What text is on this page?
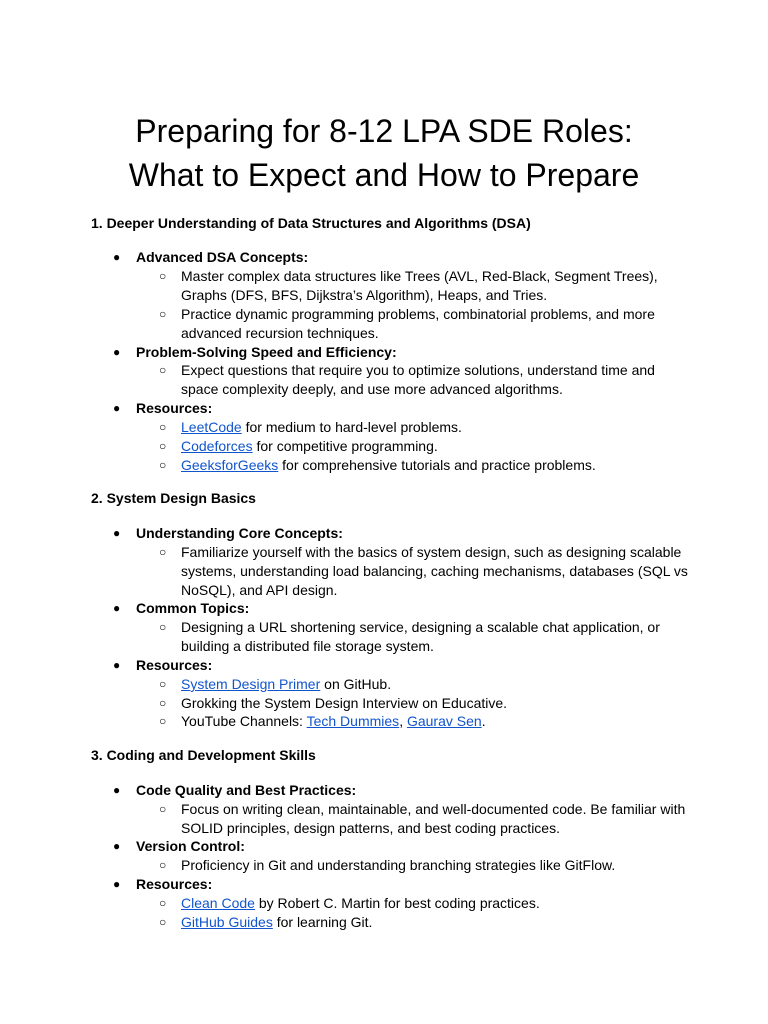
Preparing for 8-12 LPA SDE Roles:
What to Expect and How to Prepare
1. Deeper Understanding of Data Structures and Algorithms (DSA)
● Advanced DSA Concepts:
○ Master complex data structures like Trees (AVL, Red-Black, Segment Trees), Graphs (DFS, BFS, Dijkstra’s Algorithm), Heaps, and Tries.
○ Practice dynamic programming problems, combinatorial problems, and more advanced recursion techniques.
● Problem-Solving Speed and Efficiency:
○ Expect questions that require you to optimize solutions, understand time and space complexity deeply, and use more advanced algorithms.
● Resources:
○ LeetCode for medium to hard-level problems.
○ Codeforces for competitive programming.
○ GeeksforGeeks for comprehensive tutorials and practice problems.
2. System Design Basics
● Understanding Core Concepts:
○ Familiarize yourself with the basics of system design, such as designing scalable systems, understanding load balancing, caching mechanisms, databases (SQL vs NoSQL), and API design.
● Common Topics:
○ Designing a URL shortening service, designing a scalable chat application, or building a distributed file storage system.
● Resources:
○ System Design Primer on GitHub.
○ Grokking the System Design Interview on Educative.
○ YouTube Channels: Tech Dummies, Gaurav Sen.
3. Coding and Development Skills
● Code Quality and Best Practices:
○ Focus on writing clean, maintainable, and well-documented code. Be familiar with SOLID principles, design patterns, and best coding practices.
● Version Control:
○ Proficiency in Git and understanding branching strategies like GitFlow.
● Resources:
○ Clean Code by Robert C. Martin for best coding practices.
○ GitHub Guides for learning Git.
